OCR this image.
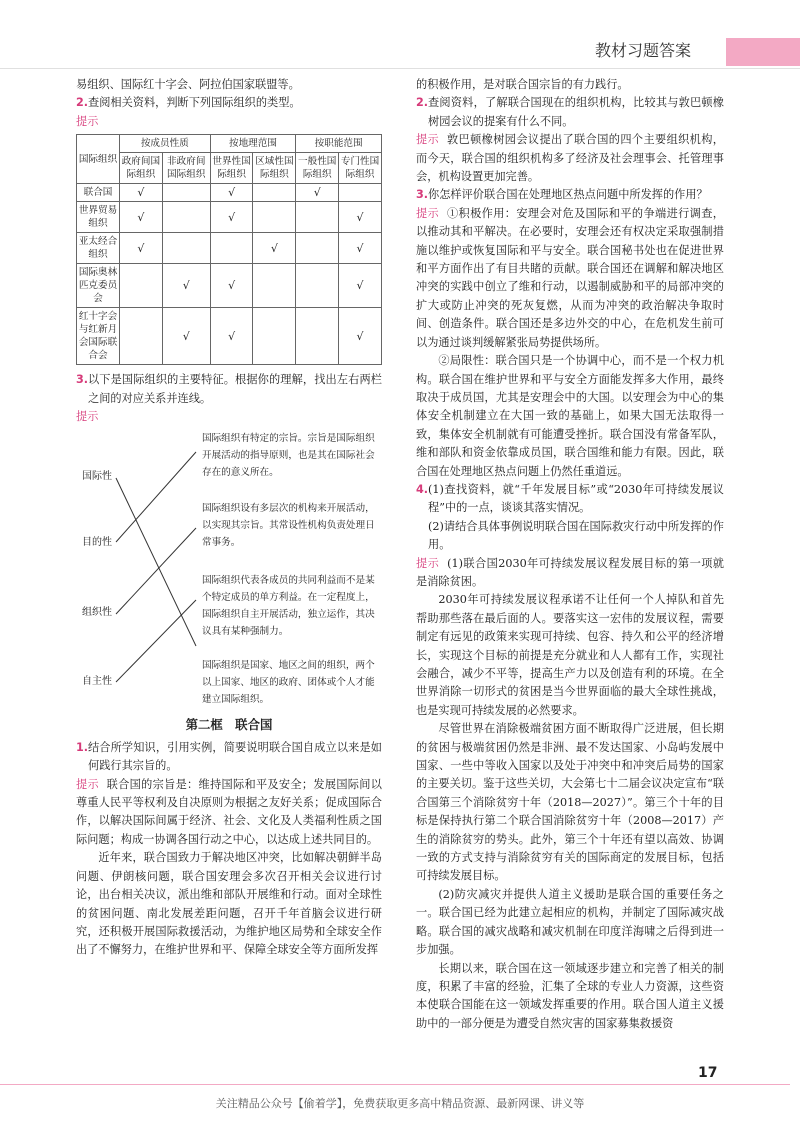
教材习题答案

易组织、国际红十字会、阿拉伯国家联盟等。

2. 查阅相关资料，判断下列国际组织的类型。

提示

国际组织	按成员性质		按地理范围		按职能范围	
	政府间国际组织	非政府间国际组织	世界性国际组织	区域性国际组织	一般性国际组织	专门性国际组织
联合国	√		√		√	
世界贸易组织	√		√			√
亚太经合组织	√			√		√
国际奥林匹克委员会		√	√			√
红十字会与红新月会国际联合会		√	√			√

3. 以下是国际组织的主要特征。根据你的理解，找出左右两栏之间的对应关系并连线。

提示

国际性
目的性
组织性
自主性
国际组织有特定的宗旨。宗旨是国际组织开展活动的指导原则，也是其在国际社会存在的意义所在。
国际组织设有多层次的机构来开展活动，以实现其宗旨。其常设性机构负责处理日常事务。
国际组织代表各成员的共同利益而不是某个特定成员的单方利益。在一定程度上，国际组织自主开展活动，独立运作，其决议具有某种强制力。
国际组织是国家、地区之间的组织，两个以上国家、地区的政府、团体或个人才能建立国际组织。
第二框　联合国

1. 结合所学知识，引用实例，简要说明联合国自成立以来是如何践行其宗旨的。

提示 联合国的宗旨是：维持国际和平及安全；发展国际间以尊重人民平等权利及自决原则为根据之友好关系；促成国际合作，以解决国际间属于经济、社会、文化及人类福利性质之国际问题；构成一协调各国行动之中心，以达成上述共同目的。

近年来，联合国致力于解决地区冲突，比如解决朝鲜半岛问题、伊朗核问题，联合国安理会多次召开相关会议进行讨论，出台相关决议，派出维和部队开展维和行动。面对全球性的贫困问题、南北发展差距问题，召开千年首脑会议进行研究，还积极开展国际救援活动，为维护地区局势和全球安全作出了不懈努力，在维护世界和平、保障全球安全等方面所发挥

的积极作用，是对联合国宗旨的有力践行。

2. 查阅资料，了解联合国现在的组织机构，比较其与敦巴顿橡树园会议的提案有什么不同。

提示 敦巴顿橡树园会议提出了联合国的四个主要组织机构，而今天，联合国的组织机构多了经济及社会理事会、托管理事会，机构设置更加完善。

3. 你怎样评价联合国在处理地区热点问题中所发挥的作用？

提示 ①积极作用：安理会对危及国际和平的争端进行调查，以推动其和平解决。在必要时，安理会还有权决定采取强制措施以维护或恢复国际和平与安全。联合国秘书处也在促进世界和平方面作出了有目共睹的贡献。联合国还在调解和解决地区冲突的实践中创立了维和行动，以遏制威胁和平的局部冲突的扩大或防止冲突的死灰复燃，从而为冲突的政治解决争取时间、创造条件。联合国还是多边外交的中心，在危机发生前可以为通过谈判缓解紧张局势提供场所。

②局限性：联合国只是一个协调中心，而不是一个权力机构。联合国在维护世界和平与安全方面能发挥多大作用，最终取决于成员国，尤其是安理会中的大国。以安理会为中心的集体安全机制建立在大国一致的基础上，如果大国无法取得一致，集体安全机制就有可能遭受挫折。联合国没有常备军队，维和部队和资金依靠成员国，联合国维和能力有限。因此，联合国在处理地区热点问题上仍然任重道远。

4. (1)查找资料，就“千年发展目标”或“2030年可持续发展议程”中的一点，谈谈其落实情况。

(2)请结合具体事例说明联合国在国际救灾行动中所发挥的作用。

提示 (1)联合国2030年可持续发展议程发展目标的第一项就是消除贫困。

2030年可持续发展议程承诺不让任何一个人掉队和首先帮助那些落在最后面的人。要落实这一宏伟的发展议程，需要制定有远见的政策来实现可持续、包容、持久和公平的经济增长，实现这个目标的前提是充分就业和人人都有工作，实现社会融合，减少不平等，提高生产力以及创造有利的环境。在全世界消除一切形式的贫困是当今世界面临的最大全球性挑战，也是实现可持续发展的必然要求。

尽管世界在消除极端贫困方面不断取得广泛进展，但长期的贫困与极端贫困仍然是非洲、最不发达国家、小岛屿发展中国家、一些中等收入国家以及处于冲突中和冲突后局势的国家的主要关切。鉴于这些关切，大会第七十二届会议决定宣布“联合国第三个消除贫穷十年（2018—2027）”。第三个十年的目标是保持执行第二个联合国消除贫穷十年（2008—2017）产生的消除贫穷的势头。此外，第三个十年还有望以高效、协调一致的方式支持与消除贫穷有关的国际商定的发展目标，包括可持续发展目标。

(2)防灾减灾并提供人道主义援助是联合国的重要任务之一。联合国已经为此建立起相应的机构，并制定了国际减灾战略。联合国的减灾战略和减灾机制在印度洋海啸之后得到进一步加强。

长期以来，联合国在这一领域逐步建立和完善了相关的制度，积累了丰富的经验，汇集了全球的专业人力资源，这些资本使联合国能在这一领域发挥重要的作用。联合国人道主义援助中的一部分便是为遭受自然灾害的国家募集救援资

17
关注精品公众号【偷着学】，免费获取更多高中精品资源、最新网课、讲义等
